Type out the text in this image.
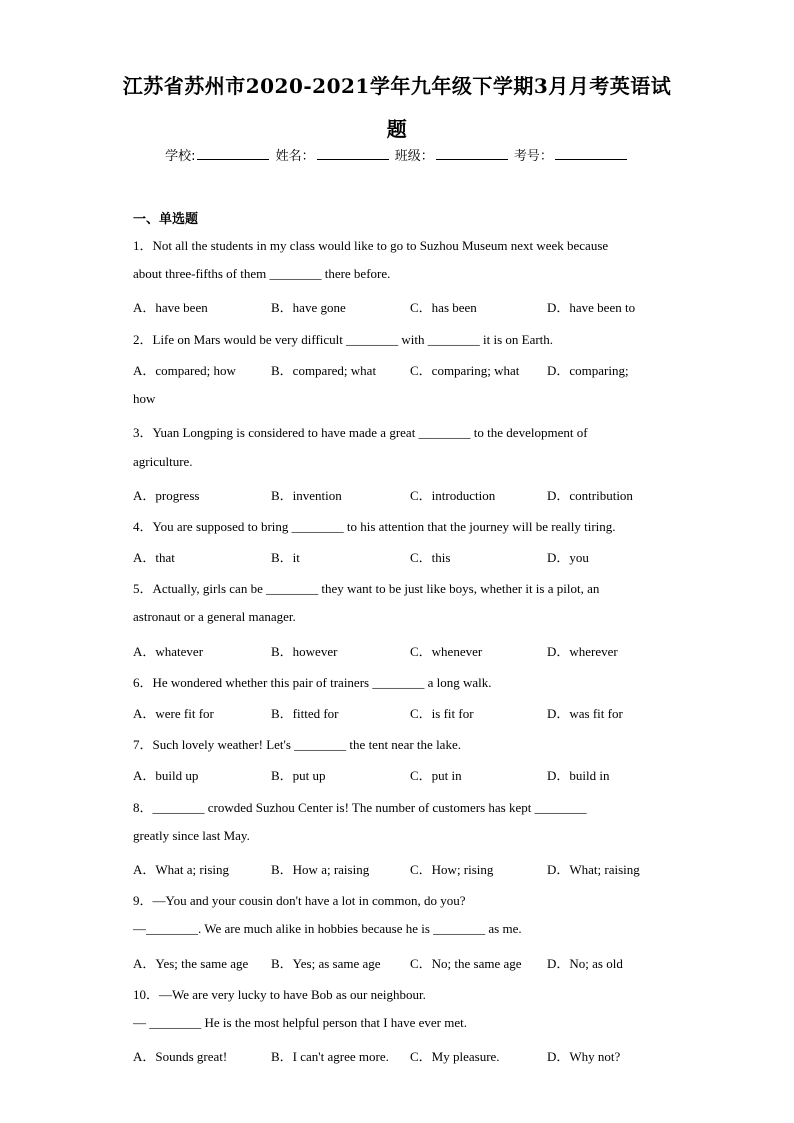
江苏省苏州市2020-2021学年九年级下学期3月月考英语试
题
学校:	姓名：	班级：	考号：
一、单选题
1．Not all the students in my class would like to go to Suzhou Museum next week because
about three-fifths of them ________ there before.
A．have been	B．have gone	C．has been	D．have been to
2．Life on Mars would be very difficult ________ with ________ it is on Earth.
A．compared; how	B．compared; what	C．comparing; what D．comparing;
how
3．Yuan Longping is considered to have made a great ________ to the development of
agriculture.
A．progress	B．invention	C．introduction	D．contribution
4．You are supposed to bring ________ to his attention that the journey will be really tiring.
A．that	B．it	C．this	D．you
5．Actually, girls can be ________ they want to be just like boys, whether it is a pilot, an
astronaut or a general manager.
A．whatever	B．however	C．whenever	D．wherever
6．He wondered whether this pair of trainers ________ a long walk.
A．were fit for	B．fitted for	C．is fit for	D．was fit for
7．Such lovely weather! Let's ________ the tent near the lake.
A．build up	B．put up	C．put in	D．build in
8．________ crowded Suzhou Center is! The number of customers has kept ________
greatly since last May.
A．What a; rising	B．How a; raising	C．How; rising	D．What; raising
9．—You and your cousin don't have a lot in common, do you?
—________. We are much alike in hobbies because he is ________ as me.
A．Yes; the same age B．Yes; as same age C．No; the same age D．No; as old
10．—We are very lucky to have Bob as our neighbour.
— ________ He is the most helpful person that I have ever met.
A．Sounds great!	B．I can't agree more. C．My pleasure.	D．Why not?
